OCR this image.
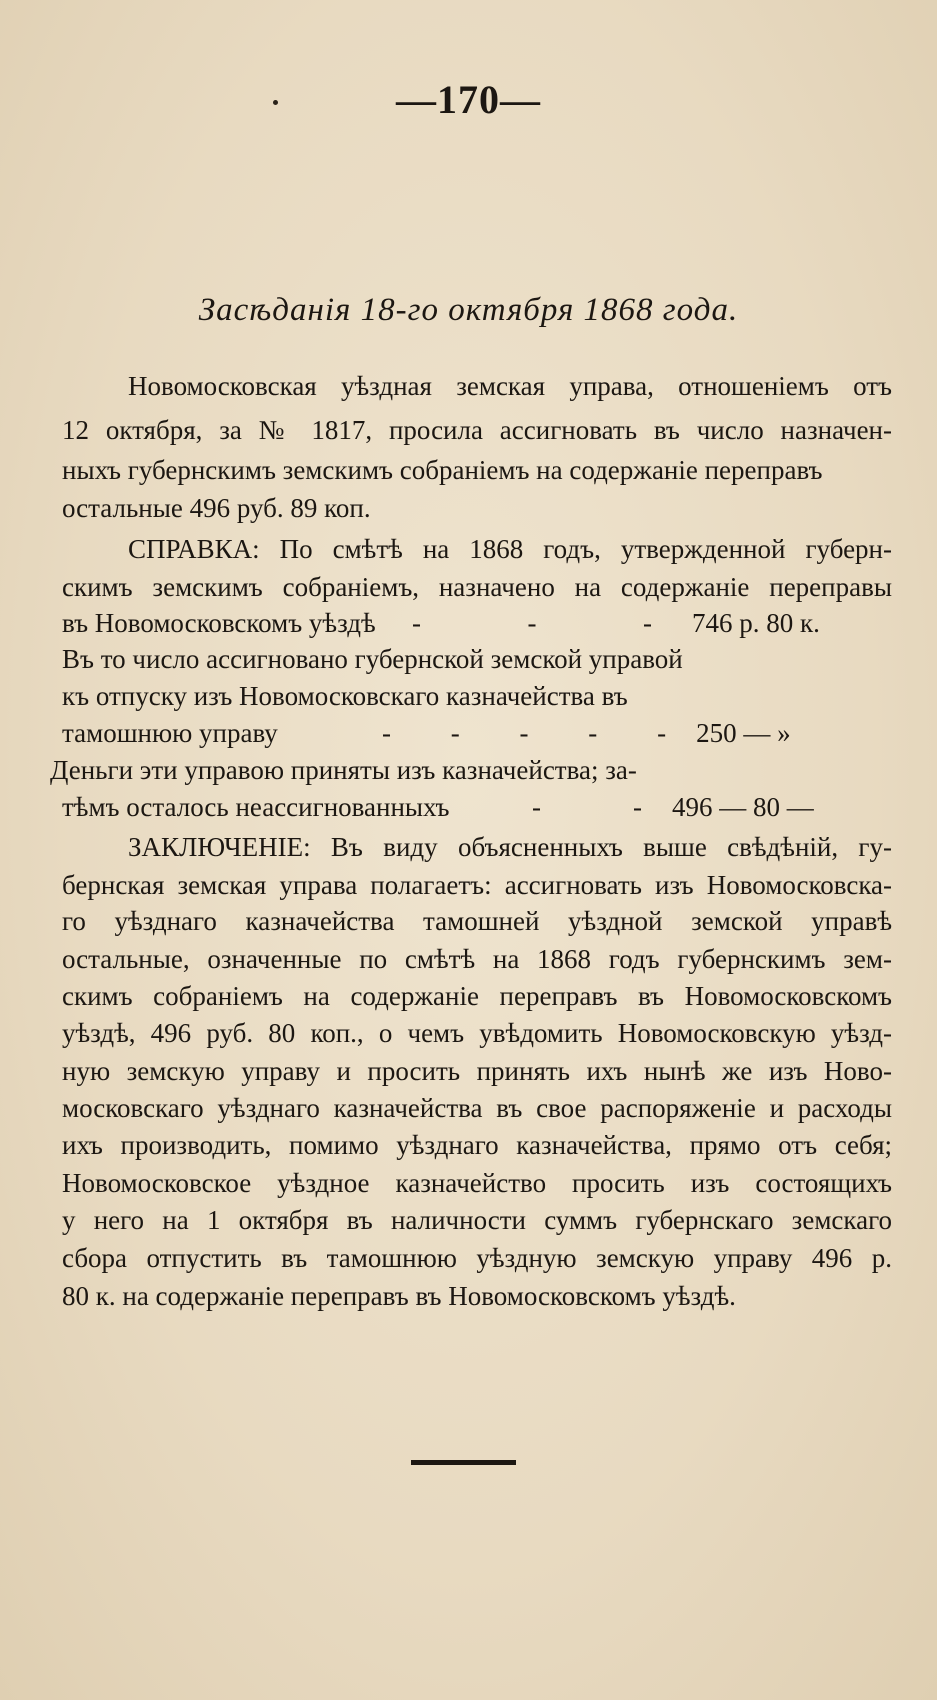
—170—
Засѣданія 18-го октября 1868 года.
Новомосковская уѣздная земская управа, отношеніемъ отъ
12 октября, за № 1817, просила ассигновать въ число назначен-
ныхъ губернскимъ земскимъ собраніемъ на содержаніе переправъ
остальные 496 руб. 89 коп.
СПРАВКА: По смѣтѣ на 1868 годъ, утвержденной губерн-
скимъ земскимъ собраніемъ, назначено на содержаніе переправы
въ Новомосковскомъ уѣздѣ	-	-	- 746 р. 80 к.
Въ то число ассигновано губернской земской управой
къ отпуску изъ Новомосковскаго казначейства въ
тамошнюю управу	- - - - - 250 — »
Деньги эти управою приняты изъ казначейства; за-
тѣмъ осталось неассигнованныхъ	-	- 496 — 80 —
ЗАКЛЮЧЕНІЕ: Въ виду объясненныхъ выше свѣдѣній, гу-
бернская земская управа полагаетъ: ассигновать изъ Новомосковска-
го уѣзднаго казначейства тамошней уѣздной земской управѣ
остальные, означенные по смѣтѣ на 1868 годъ губернскимъ зем-
скимъ собраніемъ на содержаніе переправъ въ Новомосковскомъ
уѣздѣ, 496 руб. 80 коп., о чемъ увѣдомить Новомосковскую уѣзд-
ную земскую управу и просить принять ихъ нынѣ же изъ Ново-
московскаго уѣзднаго казначейства въ свое распоряженіе и расходы
ихъ производить, помимо уѣзднаго казначейства, прямо отъ себя;
Новомосковское уѣздное казначейство просить изъ состоящихъ
у него на 1 октября въ наличности суммъ губернскаго земскаго
сбора отпустить въ тамошнюю уѣздную земскую управу 496 р.
80 к. на содержаніе переправъ въ Новомосковскомъ уѣздѣ.
